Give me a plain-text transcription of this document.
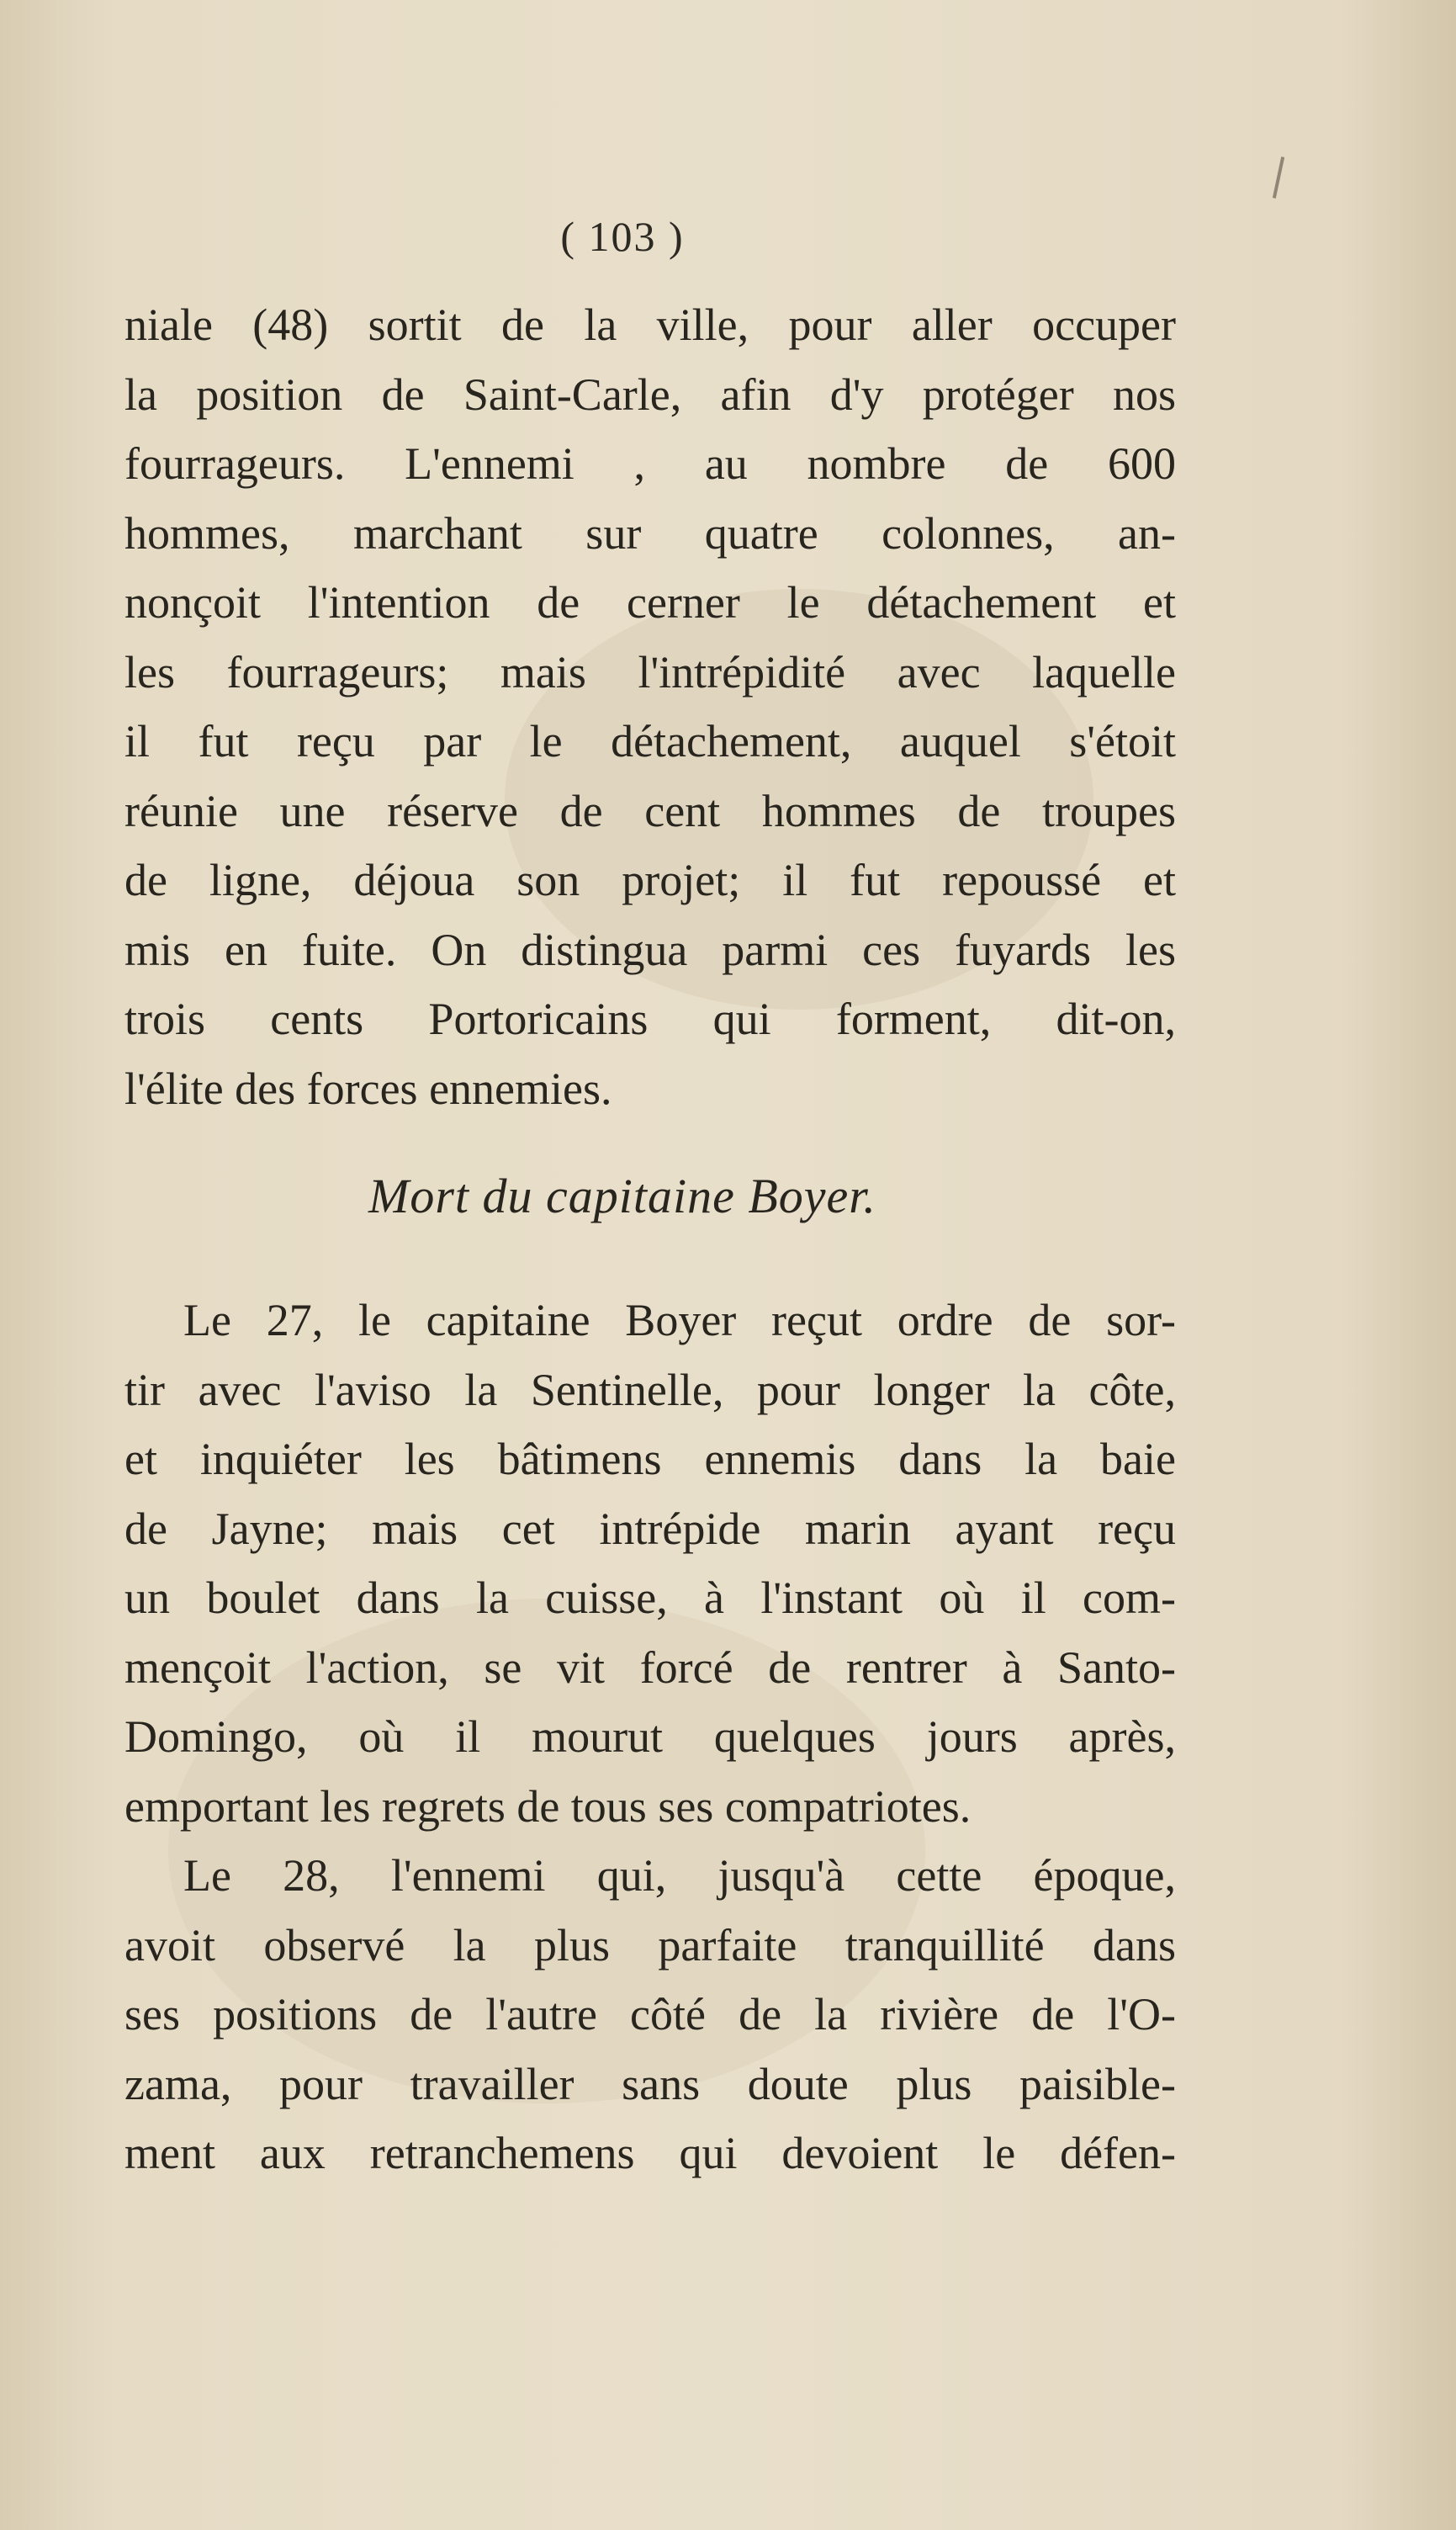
( 103 )
niale (48) sortit de la ville, pour aller occuper
la position de Saint-Carle, afin d'y protéger nos
fourrageurs. L'ennemi , au nombre de 600
hommes, marchant sur quatre colonnes, an-
nonçoit l'intention de cerner le détachement et
les fourrageurs; mais l'intrépidité avec laquelle
il fut reçu par le détachement, auquel s'étoit
réunie une réserve de cent hommes de troupes
de ligne, déjoua son projet; il fut repoussé et
mis en fuite. On distingua parmi ces fuyards les
trois cents Portoricains qui forment, dit-on,
l'élite des forces ennemies.
Mort du capitaine Boyer.
Le 27, le capitaine Boyer reçut ordre de sor-
tir avec l'aviso la Sentinelle, pour longer la côte,
et inquiéter les bâtimens ennemis dans la baie
de Jayne; mais cet intrépide marin ayant reçu
un boulet dans la cuisse, à l'instant où il com-
mençoit l'action, se vit forcé de rentrer à Santo-
Domingo, où il mourut quelques jours après,
emportant les regrets de tous ses compatriotes.
Le 28, l'ennemi qui, jusqu'à cette époque,
avoit observé la plus parfaite tranquillité dans
ses positions de l'autre côté de la rivière de l'O-
zama, pour travailler sans doute plus paisible-
ment aux retranchemens qui devoient le défen-
